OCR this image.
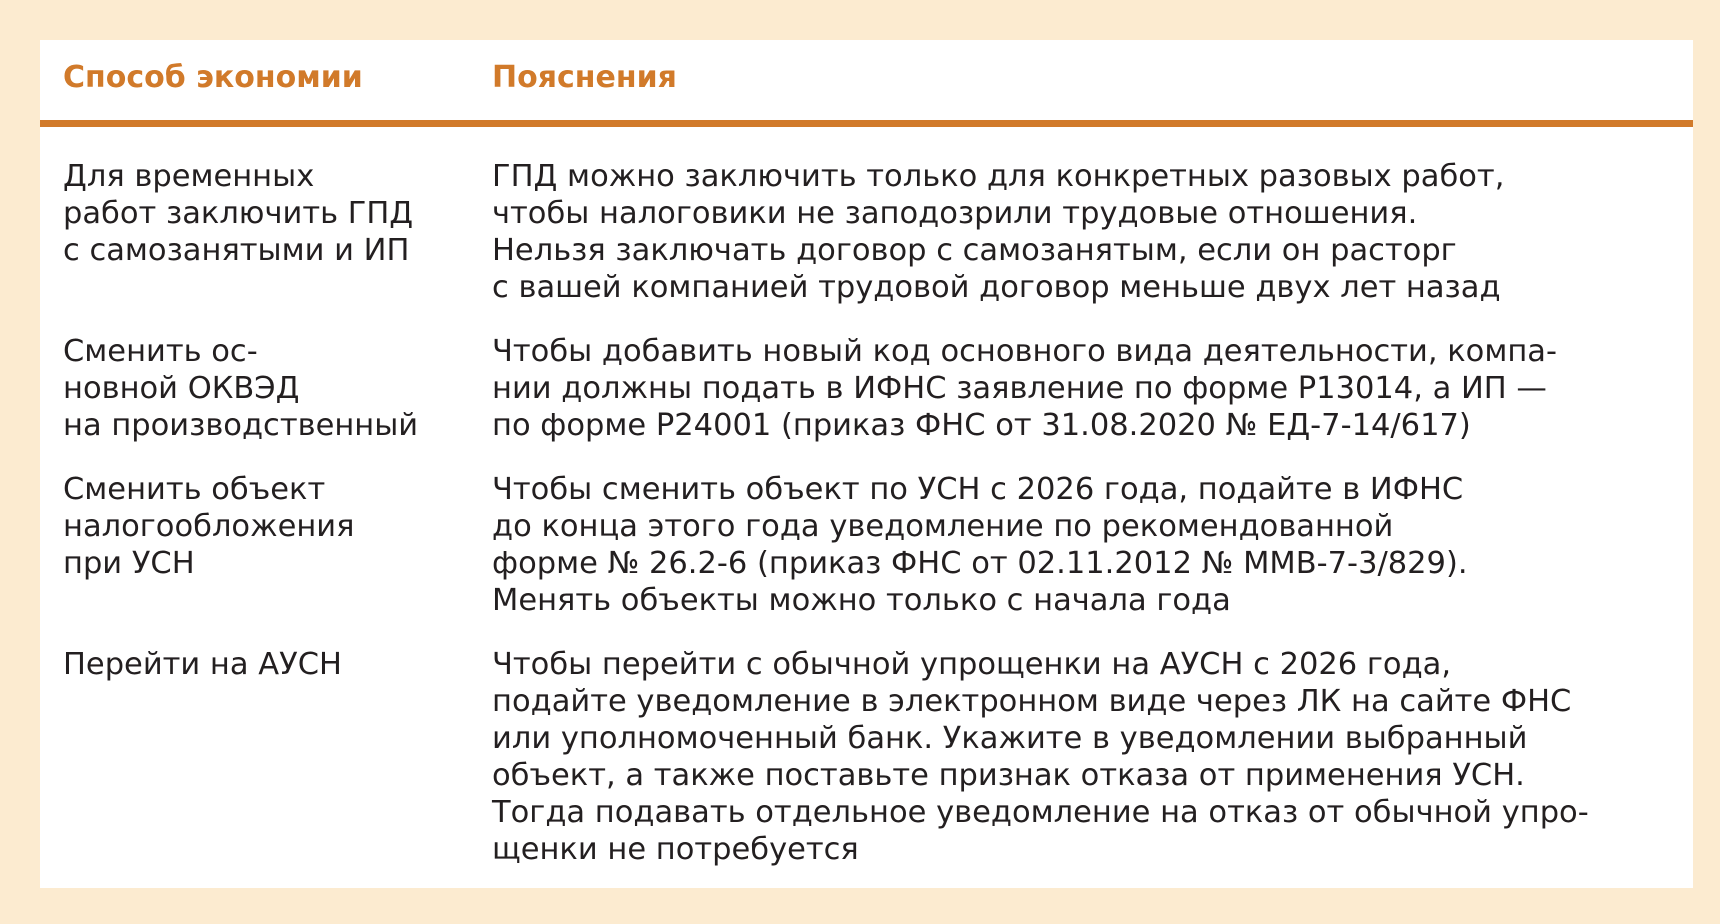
Способ экономии	Пояснения
Для временных
работ заключить ГПД
с самозанятыми и ИП
ГПД можно заключить только для конкретных разовых работ,
чтобы налоговики не заподозрили трудовые отношения.
Нельзя заключать договор с самозанятым, если он расторг
с вашей компанией трудовой договор меньше двух лет назад
Сменить ос-
новной ОКВЭД
на производственный
Чтобы добавить новый код основного вида деятельности, компа-
нии должны подать в ИФНС заявление по форме Р13014, а ИП —
по форме Р24001 (приказ ФНС от 31.08.2020 № ЕД-7-14/617)
Сменить объект
налогообложения
при УСН
Чтобы сменить объект по УСН с 2026 года, подайте в ИФНС
до конца этого года уведомление по рекомендованной
форме № 26.2-6 (приказ ФНС от 02.11.2012 № ММВ-7-3/829).
Менять объекты можно только с начала года
Перейти на АУСН	Чтобы перейти с обычной упрощенки на АУСН с 2026 года,
подайте уведомление в электронном виде через ЛК на сайте ФНС
или уполномоченный банк. Укажите в уведомлении выбранный
объект, а также поставьте признак отказа от применения УСН.
Тогда подавать отдельное уведомление на отказ от обычной упро-
щенки не потребуется
